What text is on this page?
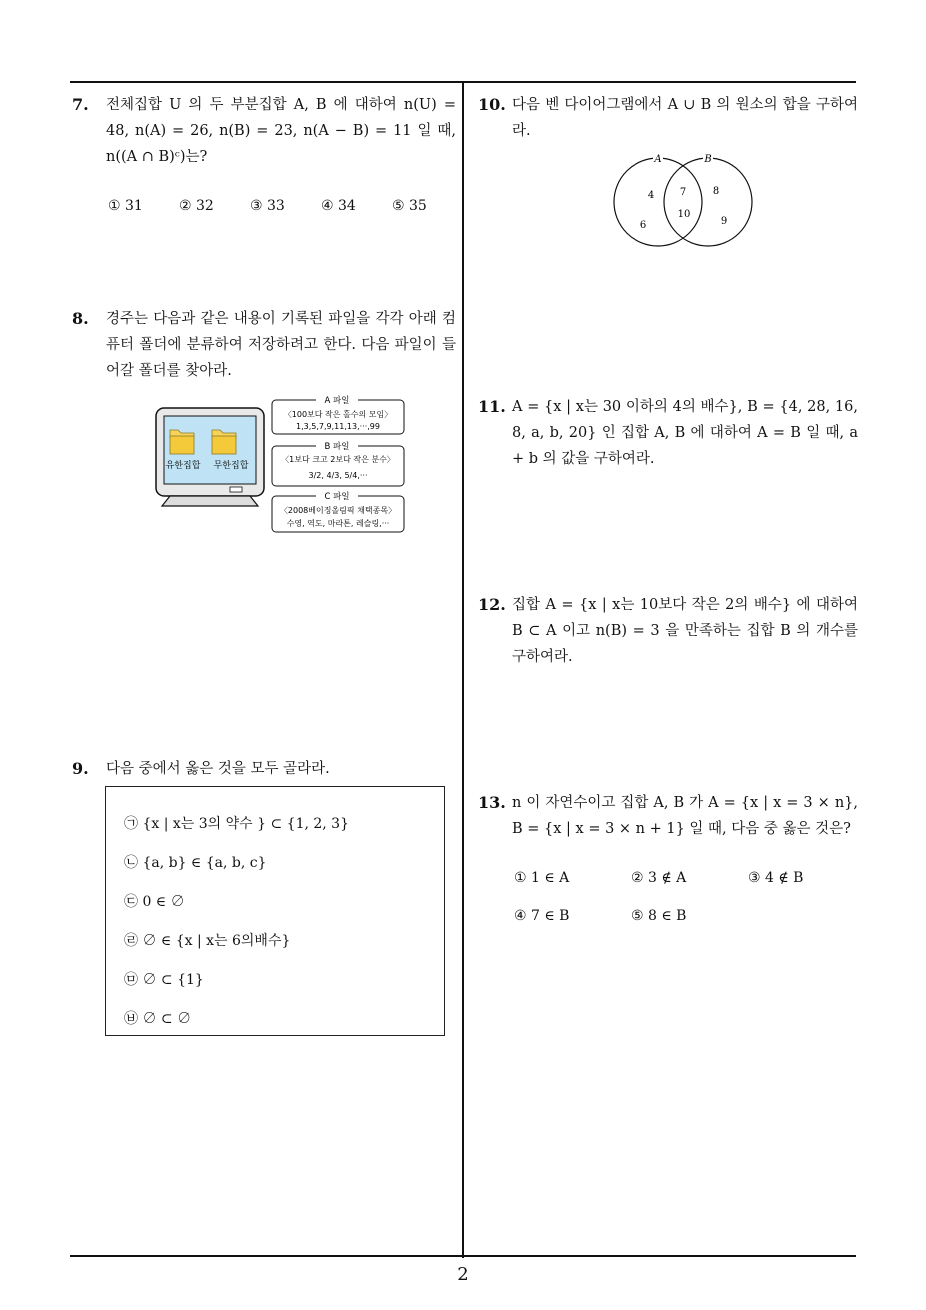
7. 전체집합 U 의 두 부분집합 A, B 에 대하여 n(U) = 48, n(A) = 26, n(B) = 23, n(A − B) = 11 일 때, n((A ∩ B)ᶜ)는?
① 31	② 32	③ 33	④ 34	⑤ 35
8. 경주는 다음과 같은 내용이 기록된 파일을 각각 아래 컴퓨터 폴더에 분류하여 저장하려고 한다. 다음 파일이 들어갈 폴더를 찾아라.
유한집합 무한집합
A 파일
〈100보다 작은 홀수의 모임〉
1,3,5,7,9,11,13,···,99
B 파일
〈1보다 크고 2보다 작은 분수〉
3/2, 4/3, 5/4,···
C 파일
〈2008베이징올림픽 채택종목〉
수영, 역도, 마라톤, 레슬링,···
9. 다음 중에서 옳은 것을 모두 골라라.
㉠ {x | x는 3의 약수 } ⊂ {1, 2, 3}
㉡ {a, b} ∈ {a, b, c}
㉢ 0 ∈ ∅
㉣ ∅ ∈ {x | x는 6의배수}
㉤ ∅ ⊂ {1}
㉥ ∅ ⊂ ∅
10. 다음 벤 다이어그램에서 A ∪ B 의 원소의 합을 구하여라.
A	B
4
6
7
10
8
9
11. A = {x | x는 30 이하의 4의 배수}, B = {4, 28, 16, 8, a, b, 20} 인 집합 A, B 에 대하여 A = B 일 때, a + b 의 값을 구하여라.
12. 집합 A = {x | x는 10보다 작은 2의 배수} 에 대하여 B ⊂ A 이고 n(B) = 3 을 만족하는 집합 B 의 개수를 구하여라.
13. n 이 자연수이고 집합 A, B 가 A = {x | x = 3 × n}, B = {x | x = 3 × n + 1} 일 때, 다음 중 옳은 것은?
① 1 ∈ A	② 3 ∉ A	③ 4 ∉ B
④ 7 ∈ B	⑤ 8 ∈ B
2
